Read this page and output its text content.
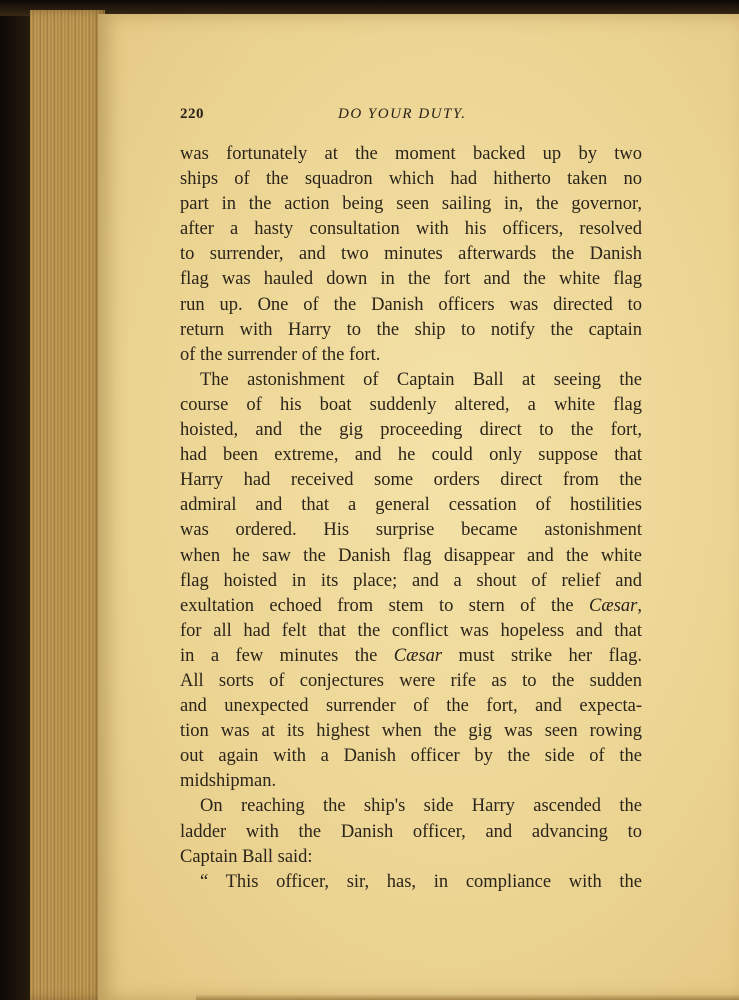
220	DO YOUR DUTY.
was fortunately at the moment backed up by two
ships of the squadron which had hitherto taken no
part in the action being seen sailing in, the governor,
after a hasty consultation with his officers, resolved
to surrender, and two minutes afterwards the Danish
flag was hauled down in the fort and the white flag
run up. One of the Danish officers was directed to
return with Harry to the ship to notify the captain
of the surrender of the fort.
The astonishment of Captain Ball at seeing the
course of his boat suddenly altered, a white flag
hoisted, and the gig proceeding direct to the fort,
had been extreme, and he could only suppose that
Harry had received some orders direct from the
admiral and that a general cessation of hostilities
was ordered. His surprise became astonishment
when he saw the Danish flag disappear and the white
flag hoisted in its place; and a shout of relief and
exultation echoed from stem to stern of the Cæsar,
for all had felt that the conflict was hopeless and that
in a few minutes the Cæsar must strike her flag.
All sorts of conjectures were rife as to the sudden
and unexpected surrender of the fort, and expecta-
tion was at its highest when the gig was seen rowing
out again with a Danish officer by the side of the
midshipman.
On reaching the ship's side Harry ascended the
ladder with the Danish officer, and advancing to
Captain Ball said:
“ This officer, sir, has, in compliance with the
